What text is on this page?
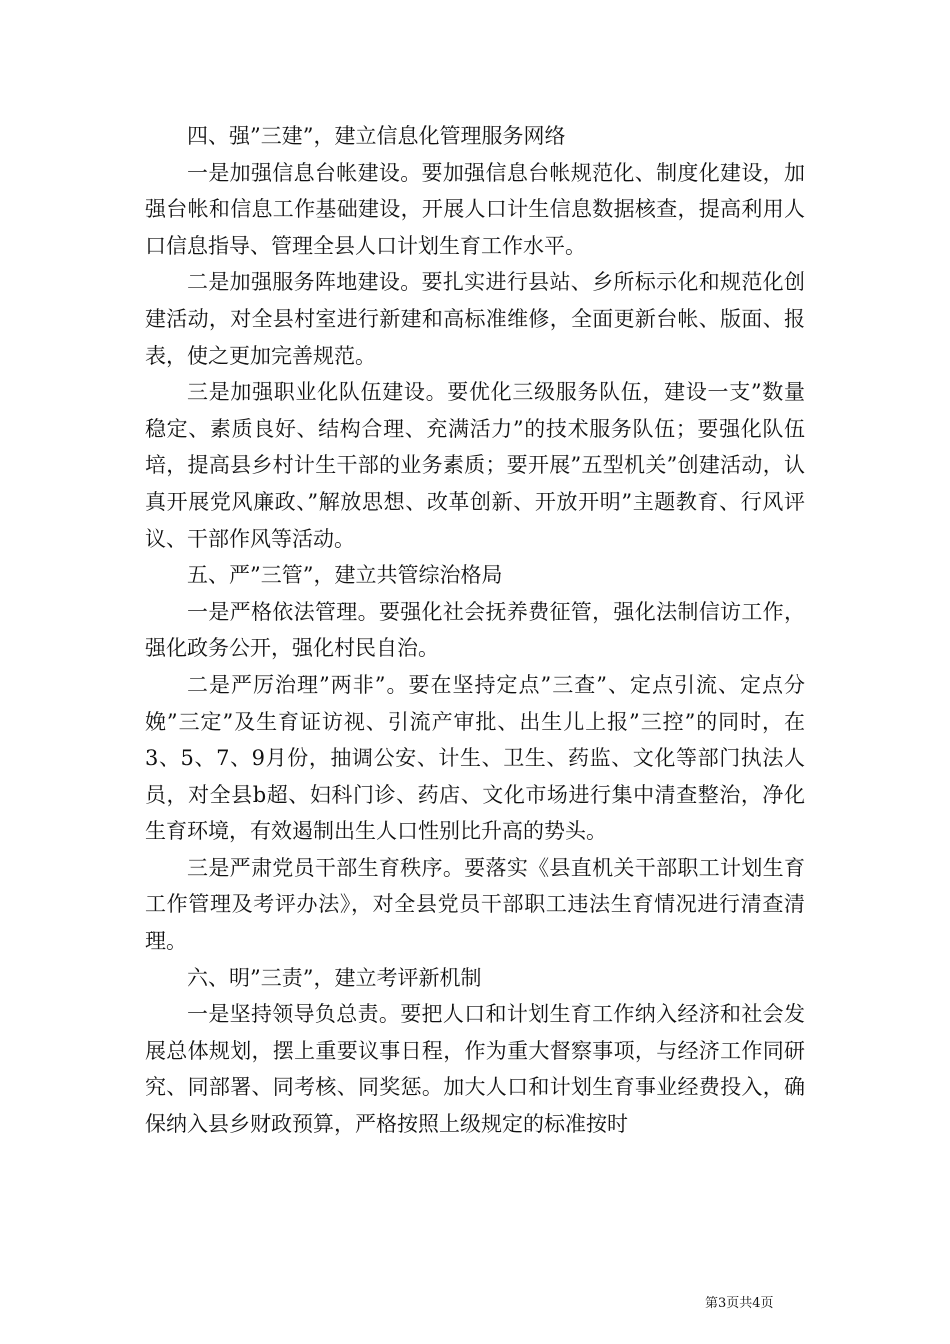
四、强”三建”，建立信息化管理服务网络

一是加强信息台帐建设。要加强信息台帐规范化、制度化建设，加强台帐和信息工作基础建设，开展人口计生信息数据核查，提高利用人口信息指导、管理全县人口计划生育工作水平。

二是加强服务阵地建设。要扎实进行县站、乡所标示化和规范化创建活动，对全县村室进行新建和高标准维修，全面更新台帐、版面、报表，使之更加完善规范。

三是加强职业化队伍建设。要优化三级服务队伍，建设一支”数量稳定、素质良好、结构合理、充满活力”的技术服务队伍；要强化队伍培，提高县乡村计生干部的业务素质；要开展”五型机关”创建活动，认真开展党风廉政、”解放思想、改革创新、开放开明”主题教育、行风评议、干部作风等活动。

五、严”三管”，建立共管综治格局

一是严格依法管理。要强化社会抚养费征管，强化法制信访工作，强化政务公开，强化村民自治。

二是严厉治理”两非”。要在坚持定点”三查”、定点引流、定点分娩”三定”及生育证访视、引流产审批、出生儿上报”三控”的同时，在3、5、7、9月份，抽调公安、计生、卫生、药监、文化等部门执法人员，对全县b超、妇科门诊、药店、文化市场进行集中清查整治，净化生育环境，有效遏制出生人口性别比升高的势头。

三是严肃党员干部生育秩序。要落实《县直机关干部职工计划生育工作管理及考评办法》，对全县党员干部职工违法生育情况进行清查清理。

六、明”三责”，建立考评新机制

一是坚持领导负总责。要把人口和计划生育工作纳入经济和社会发展总体规划，摆上重要议事日程，作为重大督察事项，与经济工作同研究、同部署、同考核、同奖惩。加大人口和计划生育事业经费投入，确保纳入县乡财政预算，严格按照上级规定的标准按时

第3页共4页
